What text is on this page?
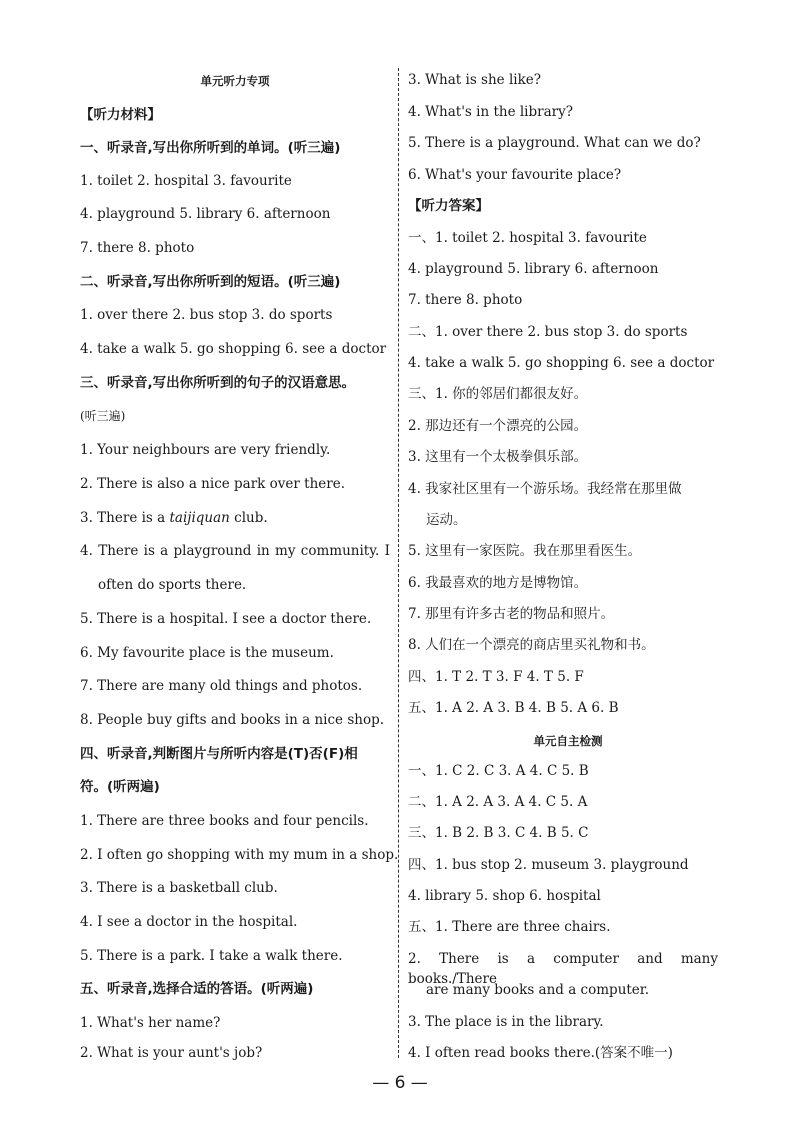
单元听力专项
【听力材料】
一、听录音,写出你所听到的单词。(听三遍)
1. toilet 2. hospital 3. favourite
4. playground 5. library 6. afternoon
7. there 8. photo
二、听录音,写出你所听到的短语。(听三遍)
1. over there 2. bus stop 3. do sports
4. take a walk 5. go shopping 6. see a doctor
三、听录音,写出你所听到的句子的汉语意思。
(听三遍)
1. Your neighbours are very friendly.
2. There is also a nice park over there.
3. There is a taijiquan club.
4. There is a playground in my community. I
often do sports there.
5. There is a hospital. I see a doctor there.
6. My favourite place is the museum.
7. There are many old things and photos.
8. People buy gifts and books in a nice shop.
四、听录音,判断图片与所听内容是(T)否(F)相
符。(听两遍)
1. There are three books and four pencils.
2. I often go shopping with my mum in a shop.
3. There is a basketball club.
4. I see a doctor in the hospital.
5. There is a park. I take a walk there.
五、听录音,选择合适的答语。(听两遍)
1. What's her name?
2. What is your aunt's job?
3. What is she like?
4. What's in the library?
5. There is a playground. What can we do?
6. What's your favourite place?
【听力答案】
一、1. toilet 2. hospital 3. favourite
4. playground 5. library 6. afternoon
7. there 8. photo
二、1. over there 2. bus stop 3. do sports
4. take a walk 5. go shopping 6. see a doctor
三、1. 你的邻居们都很友好。
2. 那边还有一个漂亮的公园。
3. 这里有一个太极拳俱乐部。
4. 我家社区里有一个游乐场。我经常在那里做
运动。
5. 这里有一家医院。我在那里看医生。
6. 我最喜欢的地方是博物馆。
7. 那里有许多古老的物品和照片。
8. 人们在一个漂亮的商店里买礼物和书。
四、1. T 2. T 3. F 4. T 5. F
五、1. A 2. A 3. B 4. B 5. A 6. B
单元自主检测
一、1. C 2. C 3. A 4. C 5. B
二、1. A 2. A 3. A 4. C 5. A
三、1. B 2. B 3. C 4. B 5. C
四、1. bus stop 2. museum 3. playground
4. library 5. shop 6. hospital
五、1. There are three chairs.
2. There is a computer and many books./There
are many books and a computer.
3. The place is in the library.
4. I often read books there.(答案不唯一)
— 6 —
